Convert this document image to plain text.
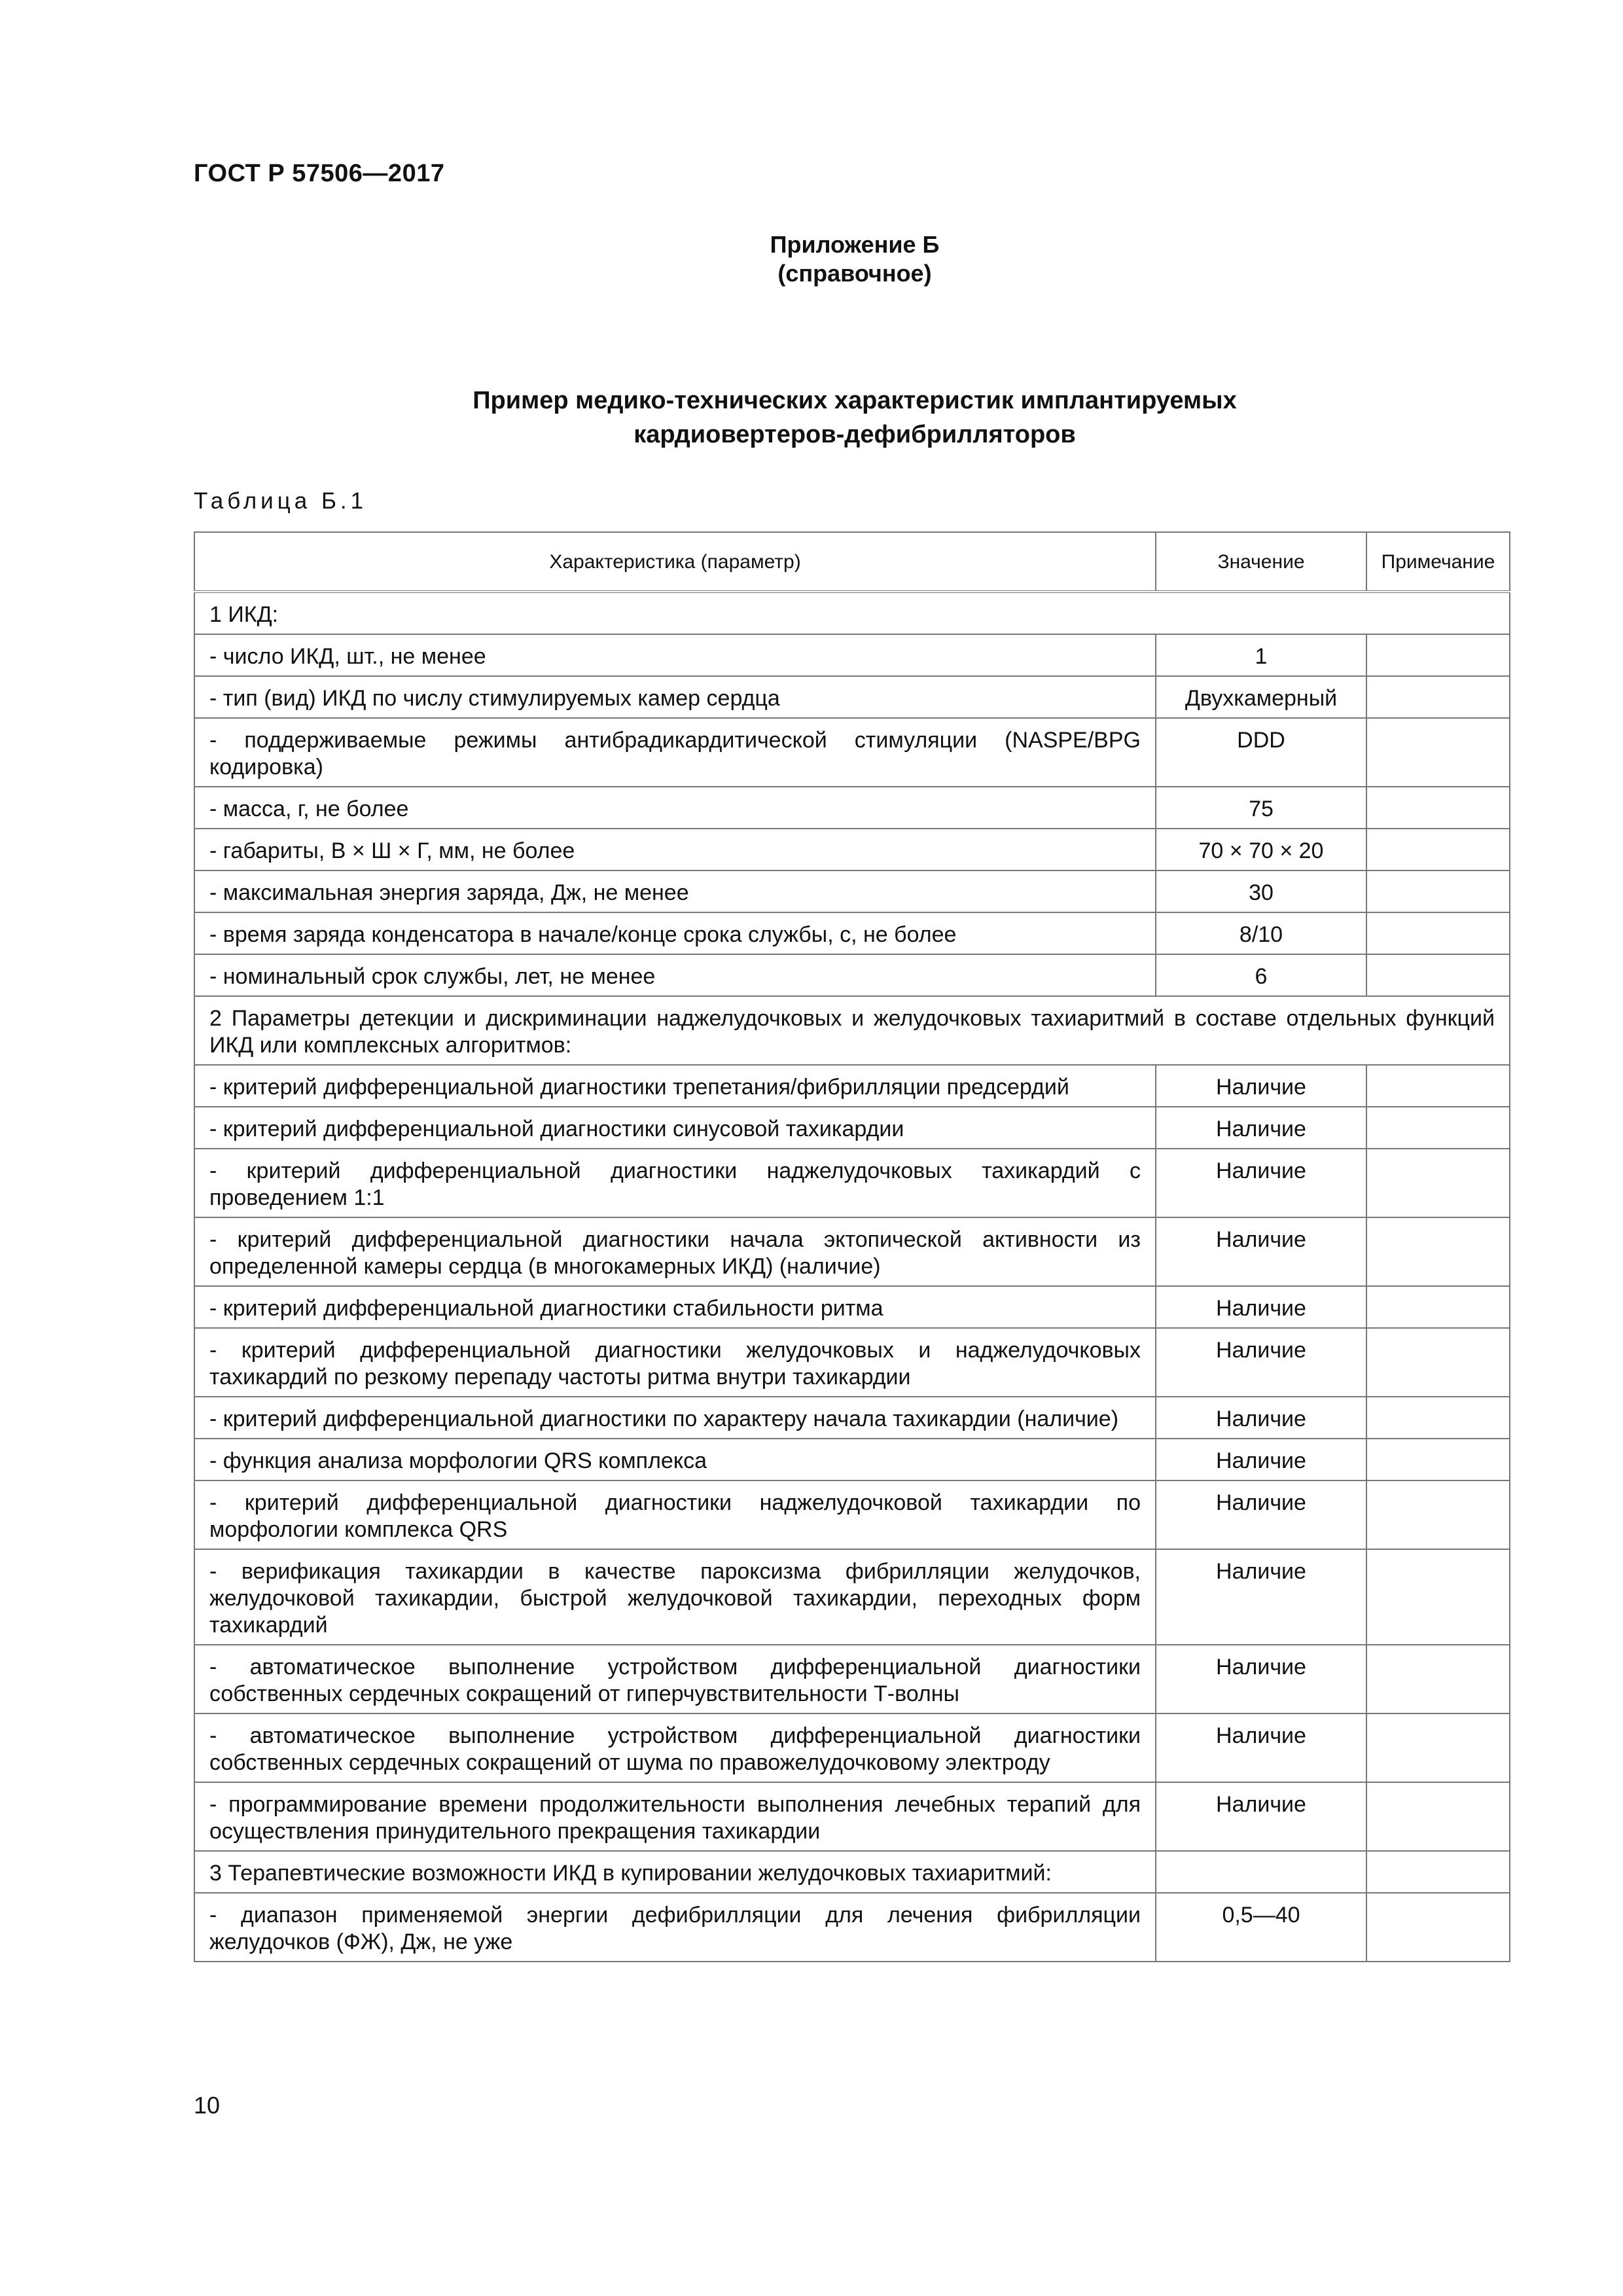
ГОСТ Р 57506—2017
Приложение Б
(справочное)
Пример медико-технических характеристик имплантируемых
кардиовертеров-дефибрилляторов
Таблица Б.1
Характеристика (параметр)	Значение	Примечание
1 ИКД:		
- число ИКД, шт., не менее	1	
- тип (вид) ИКД по числу стимулируемых камер сердца	Двухкамерный	
- поддерживаемые режимы антибрадикардитической стимуляции (NASPE/BPG кодировка)	DDD	
- масса, г, не более	75	
- габариты, В × Ш × Г, мм, не более	70 × 70 × 20	
- максимальная энергия заряда, Дж, не менее	30	
- время заряда конденсатора в начале/конце срока службы, с, не более	8/10	
- номинальный срок службы, лет, не менее	6	
2 Параметры детекции и дискриминации наджелудочковых и желудочковых тахиаритмий в составе отдельных функций ИКД или комплексных алгоритмов:		
- критерий дифференциальной диагностики трепетания/фибрилляции предсердий	Наличие	
- критерий дифференциальной диагностики синусовой тахикардии	Наличие	
- критерий дифференциальной диагностики наджелудочковых тахикардий с проведением 1:1	Наличие	
- критерий дифференциальной диагностики начала эктопической активности из определенной камеры сердца (в многокамерных ИКД) (наличие)	Наличие	
- критерий дифференциальной диагностики стабильности ритма	Наличие	
- критерий дифференциальной диагностики желудочковых и наджелудочковых тахикардий по резкому перепаду частоты ритма внутри тахикардии	Наличие	
- критерий дифференциальной диагностики по характеру начала тахикардии (наличие)	Наличие	
- функция анализа морфологии QRS комплекса	Наличие	
- критерий дифференциальной диагностики наджелудочковой тахикардии по морфологии комплекса QRS	Наличие	
- верификация тахикардии в качестве пароксизма фибрилляции желудочков, желудочковой тахикардии, быстрой желудочковой тахикардии, переходных форм тахикардий	Наличие	
- автоматическое выполнение устройством дифференциальной диагностики собственных сердечных сокращений от гиперчувствительности Т-волны	Наличие	
- автоматическое выполнение устройством дифференциальной диагностики собственных сердечных сокращений от шума по правожелудочковому электроду	Наличие	
- программирование времени продолжительности выполнения лечебных терапий для осуществления принудительного прекращения тахикардии	Наличие	
3 Терапевтические возможности ИКД в купировании желудочковых тахиаритмий:		
- диапазон применяемой энергии дефибрилляции для лечения фибрилляции желудочков (ФЖ), Дж, не уже	0,5—40	
10
